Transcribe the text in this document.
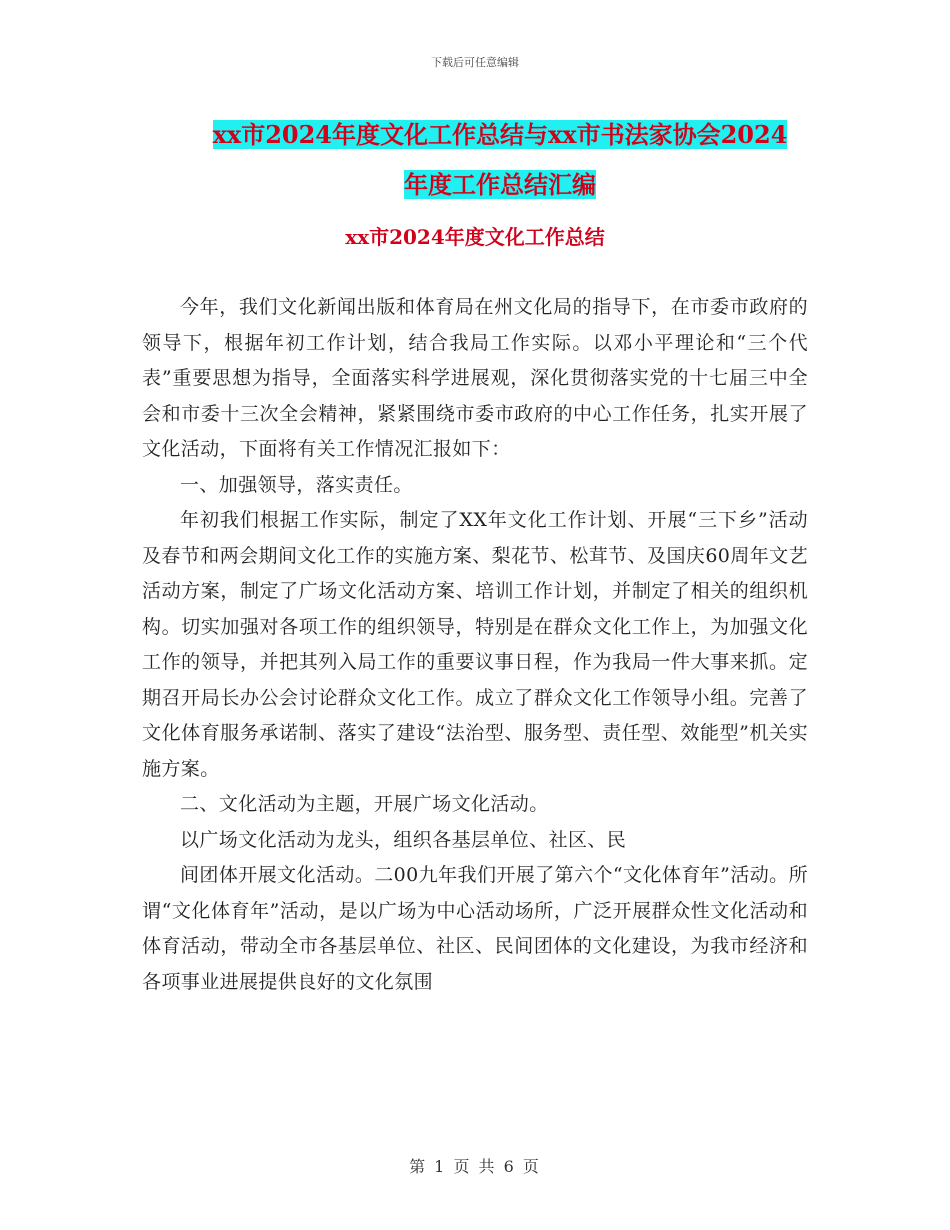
下载后可任意编辑
xx市2024年度文化工作总结与xx市书法家协会2024
年度工作总结汇编
xx市2024年度文化工作总结

今年，我们文化新闻出版和体育局在州文化局的指导下，在市委市政府的领导下，根据年初工作计划，结合我局工作实际。以邓小平理论和“三个代表”重要思想为指导，全面落实科学进展观，深化贯彻落实党的十七届三中全会和市委十三次全会精神，紧紧围绕市委市政府的中心工作任务，扎实开展了文化活动，下面将有关工作情况汇报如下：

一、加强领导，落实责任。

年初我们根据工作实际，制定了XX年文化工作计划、开展“三下乡”活动及春节和两会期间文化工作的实施方案、梨花节、松茸节、及国庆60周年文艺活动方案，制定了广场文化活动方案、培训工作计划，并制定了相关的组织机构。切实加强对各项工作的组织领导，特别是在群众文化工作上，为加强文化工作的领导，并把其列入局工作的重要议事日程，作为我局一件大事来抓。定期召开局长办公会讨论群众文化工作。成立了群众文化工作领导小组。完善了文化体育服务承诺制、落实了建设“法治型、服务型、责任型、效能型”机关实施方案。

二、文化活动为主题，开展广场文化活动。

以广场文化活动为龙头，组织各基层单位、社区、民

间团体开展文化活动。二00九年我们开展了第六个“文化体育年”活动。所谓“文化体育年”活动，是以广场为中心活动场所，广泛开展群众性文化活动和体育活动，带动全市各基层单位、社区、民间团体的文化建设，为我市经济和各项事业进展提供良好的文化氛围

第 1 页 共 6 页
